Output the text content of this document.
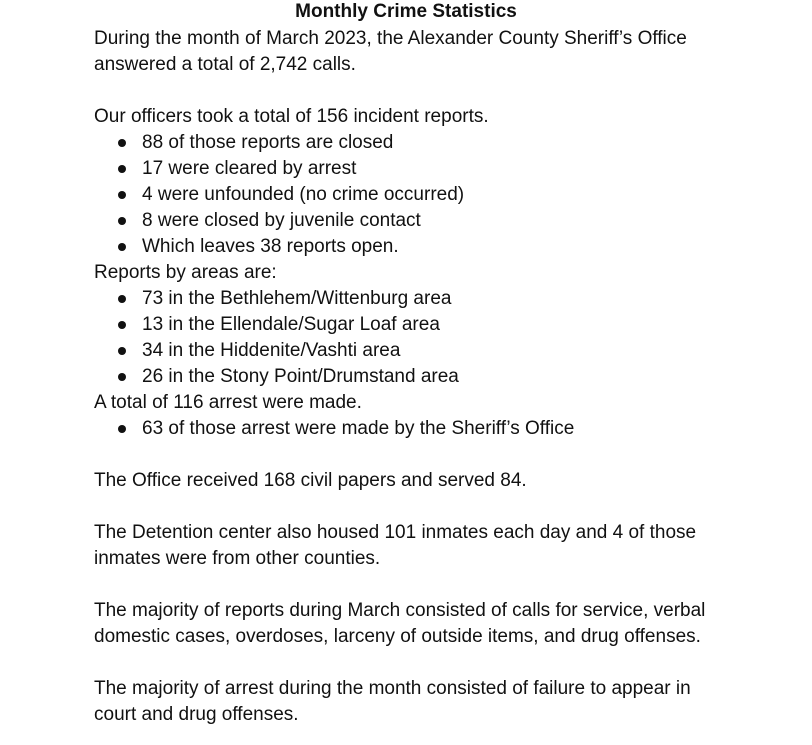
Monthly Crime Statistics

During the month of March 2023, the Alexander County Sheriff’s Office answered a total of 2,742 calls.

Our officers took a total of 156 incident reports.

88 of those reports are closed
17 were cleared by arrest
4 were unfounded (no crime occurred)
8 were closed by juvenile contact
Which leaves 38 reports open.

Reports by areas are:

73 in the Bethlehem/Wittenburg area
13 in the Ellendale/Sugar Loaf area
34 in the Hiddenite/Vashti area
26 in the Stony Point/Drumstand area

A total of 116 arrest were made.

63 of those arrest were made by the Sheriff’s Office

The Office received 168 civil papers and served 84.

The Detention center also housed 101 inmates each day and 4 of those inmates were from other counties.

The majority of reports during March consisted of calls for service, verbal domestic cases, overdoses, larceny of outside items, and drug offenses.

The majority of arrest during the month consisted of failure to appear in court and drug offenses.
